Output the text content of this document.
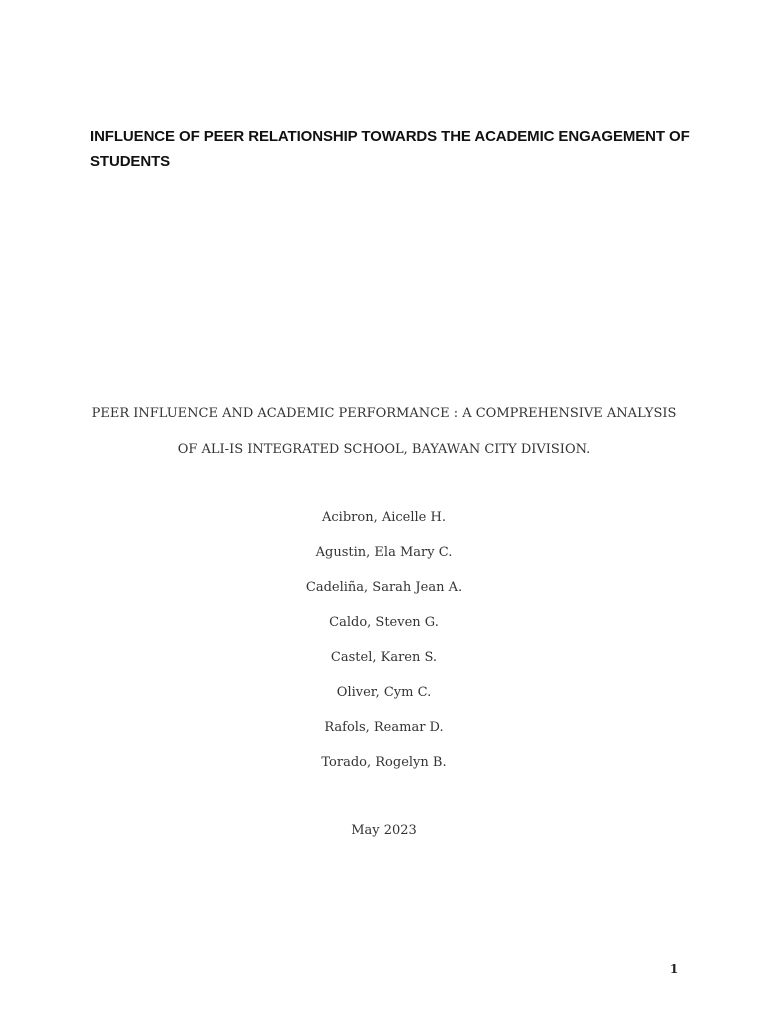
INFLUENCE OF PEER RELATIONSHIP TOWARDS THE ACADEMIC ENGAGEMENT OF STUDENTS

PEER INFLUENCE AND ACADEMIC PERFORMANCE : A COMPREHENSIVE ANALYSIS

OF ALI-IS INTEGRATED SCHOOL, BAYAWAN CITY DIVISION.

Acibron, Aicelle H.
Agustin, Ela Mary C.
Cadeliña, Sarah Jean A.
Caldo, Steven G.
Castel, Karen S.
Oliver, Cym C.
Rafols, Reamar D.
Torado, Rogelyn B.
May 2023
1
